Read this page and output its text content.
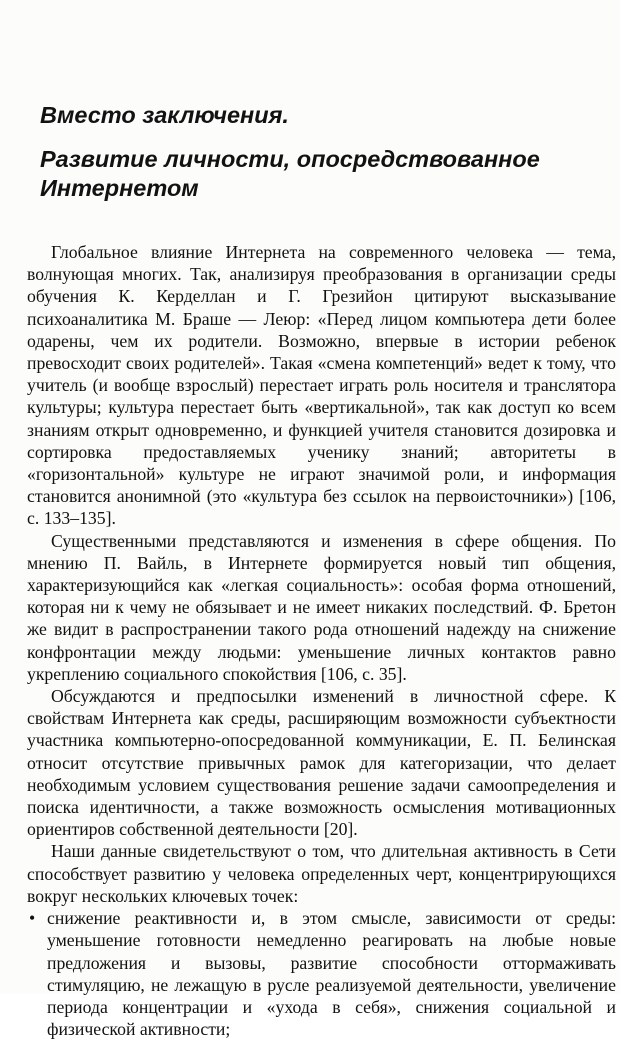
Вместо заключения.
Развитие личности, опосредствованное
Интернетом

Глобальное влияние Интернета на современного человека — тема, волнующая многих. Так, анализируя преобразования в организации среды обучения К. Керделлан и Г. Грезийон цитируют высказывание психоаналитика М. Браше — Леюр: «Перед лицом компьютера дети более одарены, чем их родители. Возможно, впервые в истории ребенок превосходит своих родителей». Такая «смена компетенций» ведет к тому, что учитель (и вообще взрослый) перестает играть роль носителя и транслятора культуры; культура перестает быть «вертикальной», так как доступ ко всем знаниям открыт одновременно, и функцией учителя становится дозировка и сортировка предоставляемых ученику знаний; авторитеты в «горизонтальной» культуре не играют значимой роли, и информация становится анонимной (это «культура без ссылок на первоисточники») [106, с. 133–135].

Существенными представляются и изменения в сфере общения. По мнению П. Вайль, в Интернете формируется новый тип общения, характеризующийся как «легкая социальность»: особая форма отношений, которая ни к чему не обязывает и не имеет никаких последствий. Ф. Бретон же видит в распространении такого рода отношений надежду на снижение конфронтации между людьми: уменьшение личных контактов равно укреплению социального спокойствия [106, с. 35].

Обсуждаются и предпосылки изменений в личностной сфере. К свойствам Интернета как среды, расширяющим возможности субъектности участника компьютерно-опосредованной коммуникации, Е. П. Белинская относит отсутствие привычных рамок для категоризации, что делает необходимым условием существования решение задачи самоопределения и поиска идентичности, а также возможность осмысления мотивационных ориентиров собственной деятельности [20].

Наши данные свидетельствуют о том, что длительная активность в Сети способствует развитию у человека определенных черт, концентрирующихся вокруг нескольких ключевых точек:

• снижение реактивности и, в этом смысле, зависимости от среды: уменьшение готовности немедленно реагировать на любые новые предложения и вызовы, развитие способности оттормаживать стимуляцию, не лежащую в русле реализуемой деятельности, увеличение периода концентрации и «ухода в себя», снижения социальной и физической активности;
